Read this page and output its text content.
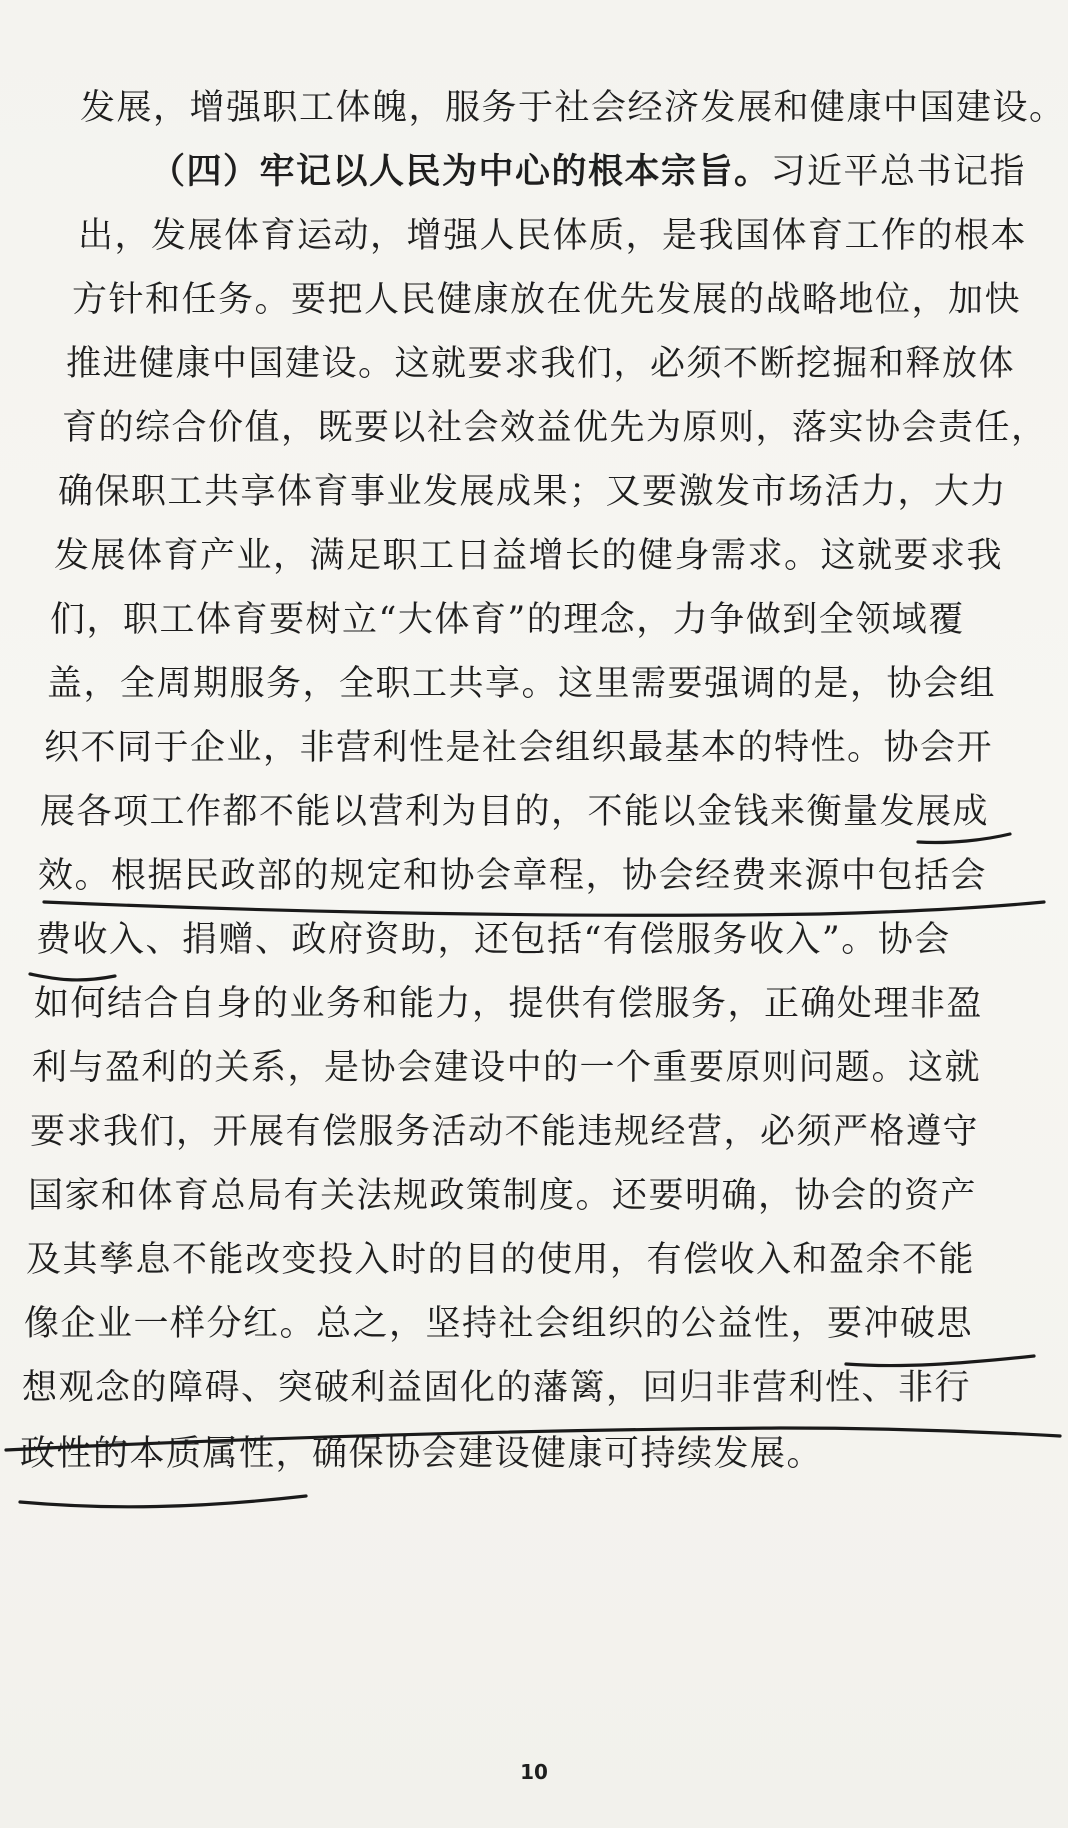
发展，增强职工体魄，服务于社会经济发展和健康中国建设。
（四）牢记以人民为中心的根本宗旨。习近平总书记指
出，发展体育运动，增强人民体质，是我国体育工作的根本
方针和任务。要把人民健康放在优先发展的战略地位，加快
推进健康中国建设。这就要求我们，必须不断挖掘和释放体
育的综合价值，既要以社会效益优先为原则，落实协会责任，
确保职工共享体育事业发展成果；又要激发市场活力，大力
发展体育产业，满足职工日益增长的健身需求。这就要求我
们，职工体育要树立“大体育”的理念，力争做到全领域覆
盖，全周期服务，全职工共享。这里需要强调的是，协会组
织不同于企业，非营利性是社会组织最基本的特性。协会开
展各项工作都不能以营利为目的，不能以金钱来衡量发展成
效。根据民政部的规定和协会章程，协会经费来源中包括会
费收入、捐赠、政府资助，还包括“有偿服务收入”。协会
如何结合自身的业务和能力，提供有偿服务，正确处理非盈
利与盈利的关系，是协会建设中的一个重要原则问题。这就
要求我们，开展有偿服务活动不能违规经营，必须严格遵守
国家和体育总局有关法规政策制度。还要明确，协会的资产
及其孳息不能改变投入时的目的使用，有偿收入和盈余不能
像企业一样分红。总之，坚持社会组织的公益性，要冲破思
想观念的障碍、突破利益固化的藩篱，回归非营利性、非行
政性的本质属性，确保协会建设健康可持续发展。
10
